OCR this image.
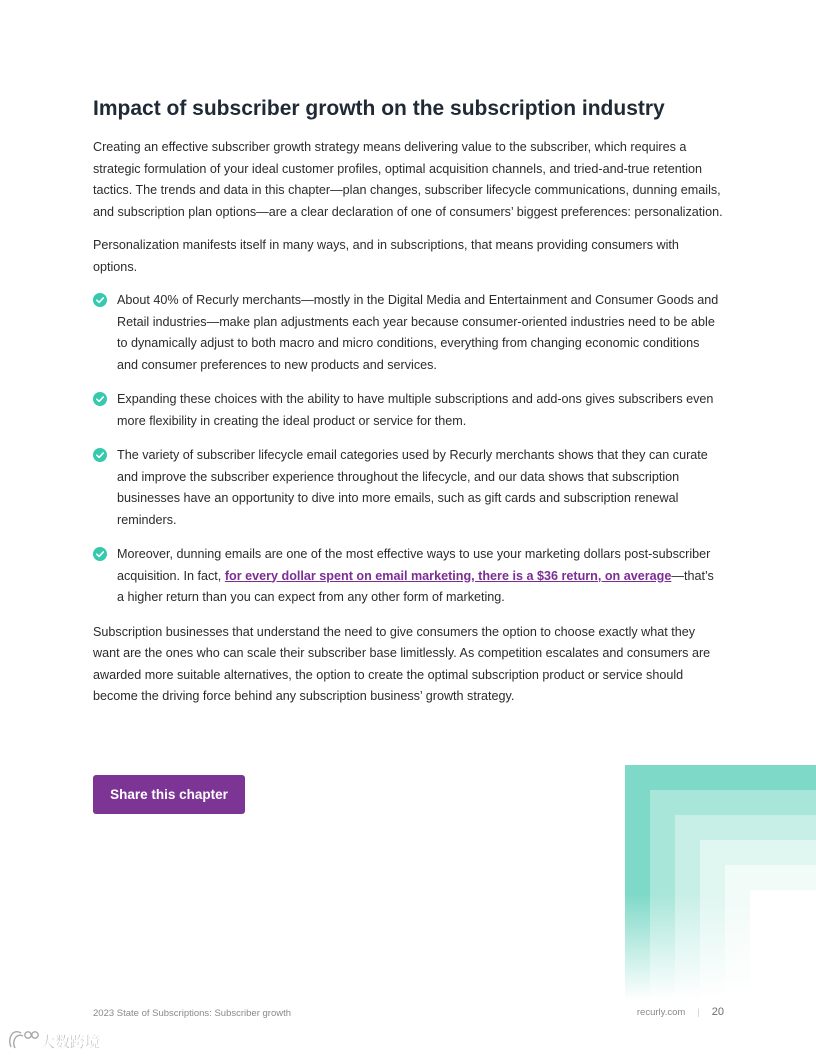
Impact of subscriber growth on the subscription industry

Creating an effective subscriber growth strategy means delivering value to the subscriber, which requires a strategic formulation of your ideal customer profiles, optimal acquisition channels, and tried-and-true retention tactics. The trends and data in this chapter—plan changes, subscriber lifecycle communications, dunning emails, and subscription plan options—are a clear declaration of one of consumers’ biggest preferences: personalization.

Personalization manifests itself in many ways, and in subscriptions, that means providing consumers with options.

About 40% of Recurly merchants—mostly in the Digital Media and Entertainment and Consumer Goods and Retail industries—make plan adjustments each year because consumer-oriented industries need to be able to dynamically adjust to both macro and micro conditions, everything from changing economic conditions and consumer preferences to new products and services.
Expanding these choices with the ability to have multiple subscriptions and add-ons gives subscribers even more flexibility in creating the ideal product or service for them.
The variety of subscriber lifecycle email categories used by Recurly merchants shows that they can curate and improve the subscriber experience throughout the lifecycle, and our data shows that subscription businesses have an opportunity to dive into more emails, such as gift cards and subscription renewal reminders.
Moreover, dunning emails are one of the most effective ways to use your marketing dollars post-subscriber acquisition. In fact, for every dollar spent on email marketing, there is a $36 return, on average—that’s a higher return than you can expect from any other form of marketing.

Subscription businesses that understand the need to give consumers the option to choose exactly what they want are the ones who can scale their subscriber base limitlessly. As competition escalates and consumers are awarded more suitable alternatives, the option to create the optimal subscription product or service should become the driving force behind any subscription business’ growth strategy.

Share this chapter
2023 State of Subscriptions: Subscriber growth	recurly.com | 20
大数跨境
